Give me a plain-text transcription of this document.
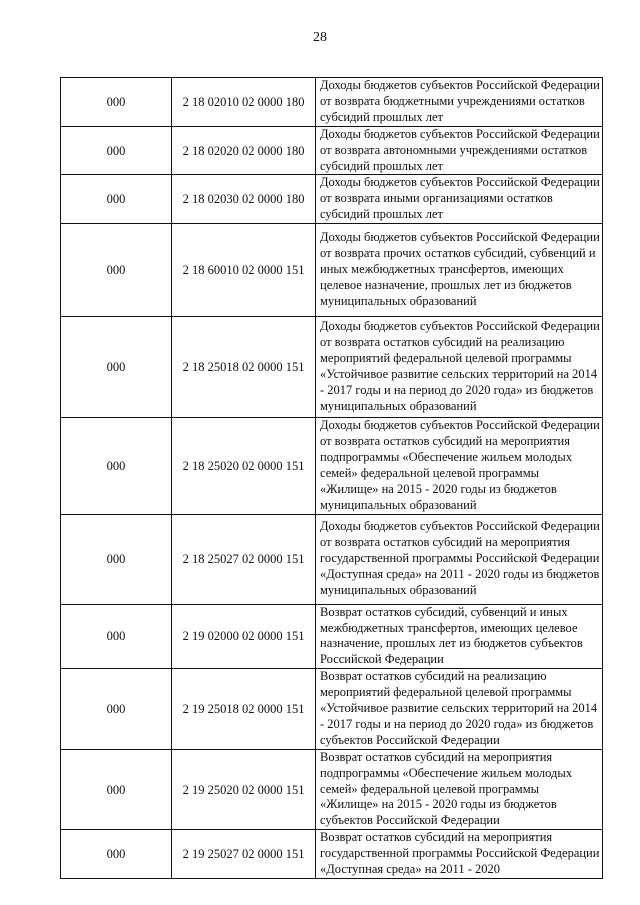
28
000	2 18 02010 02 0000 180	Доходы бюджетов субъектов Российской Федерации от возврата бюджетными учреждениями остатков субсидий прошлых лет
000	2 18 02020 02 0000 180	Доходы бюджетов субъектов Российской Федерации от возврата автономными учреждениями остатков субсидий прошлых лет
000	2 18 02030 02 0000 180	Доходы бюджетов субъектов Российской Федерации от возврата иными организациями остатков субсидий прошлых лет
000	2 18 60010 02 0000 151	Доходы бюджетов субъектов Российской Федерации от возврата прочих остатков субсидий, субвенций и иных межбюджетных трансфертов, имеющих целевое назначение, прошлых лет из бюджетов муниципальных образований
000	2 18 25018 02 0000 151	Доходы бюджетов субъектов Российской Федерации от возврата остатков субсидий на реализацию мероприятий федеральной целевой программы «Устойчивое развитие сельских территорий на 2014 - 2017 годы и на период до 2020 года» из бюджетов муниципальных образований
000	2 18 25020 02 0000 151	Доходы бюджетов субъектов Российской Федерации от возврата остатков субсидий на мероприятия подпрограммы «Обеспечение жильем молодых семей» федеральной целевой программы «Жилище» на 2015 - 2020 годы из бюджетов муниципальных образований
000	2 18 25027 02 0000 151	Доходы бюджетов субъектов Российской Федерации от возврата остатков субсидий на мероприятия государственной программы Российской Федерации «Доступная среда» на 2011 - 2020 годы из бюджетов муниципальных образований
000	2 19 02000 02 0000 151	Возврат остатков субсидий, субвенций и иных межбюджетных трансфертов, имеющих целевое назначение, прошлых лет из бюджетов субъектов Российской Федерации
000	2 19 25018 02 0000 151	Возврат остатков субсидий на реализацию мероприятий федеральной целевой программы «Устойчивое развитие сельских территорий на 2014 - 2017 годы и на период до 2020 года» из бюджетов субъектов Российской Федерации
000	2 19 25020 02 0000 151	Возврат остатков субсидий на мероприятия подпрограммы «Обеспечение жильем молодых семей» федеральной целевой программы «Жилище» на 2015 - 2020 годы из бюджетов субъектов Российской Федерации
000	2 19 25027 02 0000 151	Возврат остатков субсидий на мероприятия государственной программы Российской Федерации «Доступная среда» на 2011 - 2020
